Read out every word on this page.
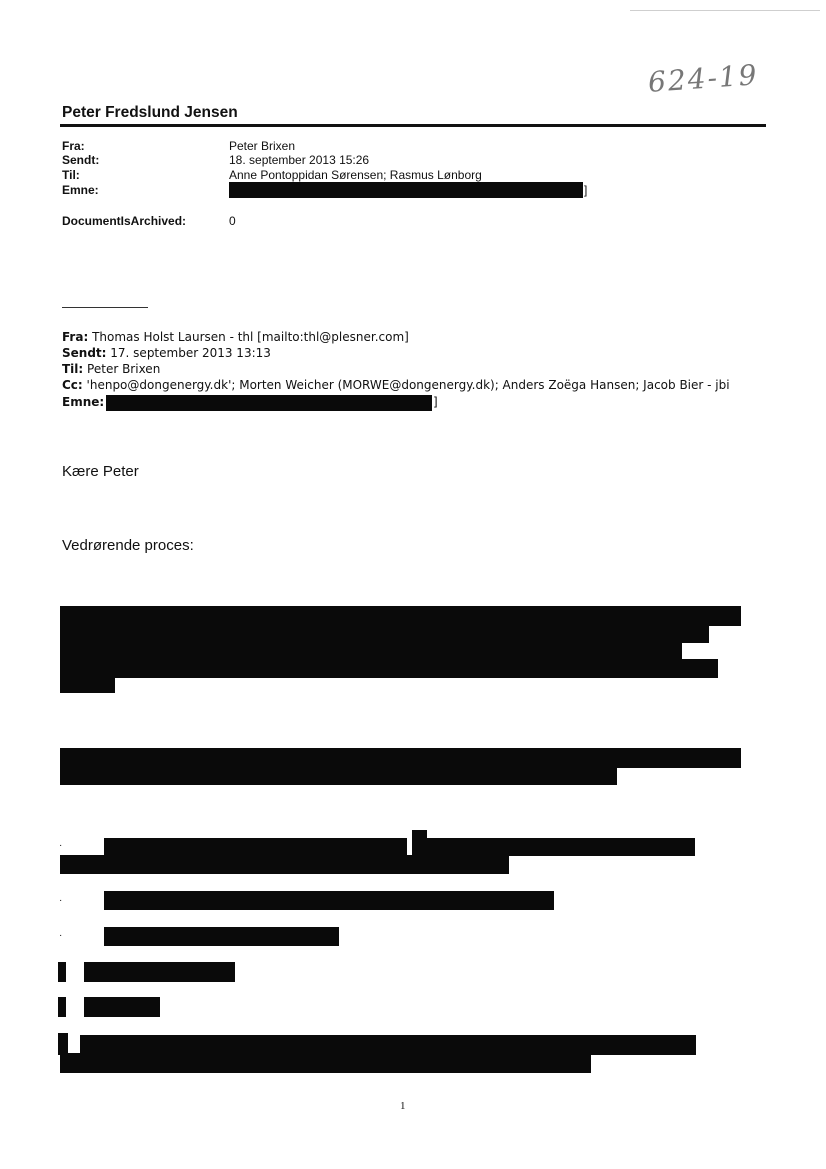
624-19
Peter Fredslund Jensen
Fra:	Peter Brixen
Sendt:	18. september 2013 15:26
Til:	Anne Pontoppidan Sørensen; Rasmus Lønborg
Emne:	]
DocumentIsArchived:	0
Fra: Thomas Holst Laursen - thl [mailto:thl@plesner.com]
Sendt: 17. september 2013 13:13
Til: Peter Brixen
Cc: 'henpo@dongenergy.dk'; Morten Weicher (MORWE@dongenergy.dk); Anders Zoëga Hansen; Jacob Bier - jbi
Emne:	]
Kære Peter
Vedrørende proces:
·
·
·
1
